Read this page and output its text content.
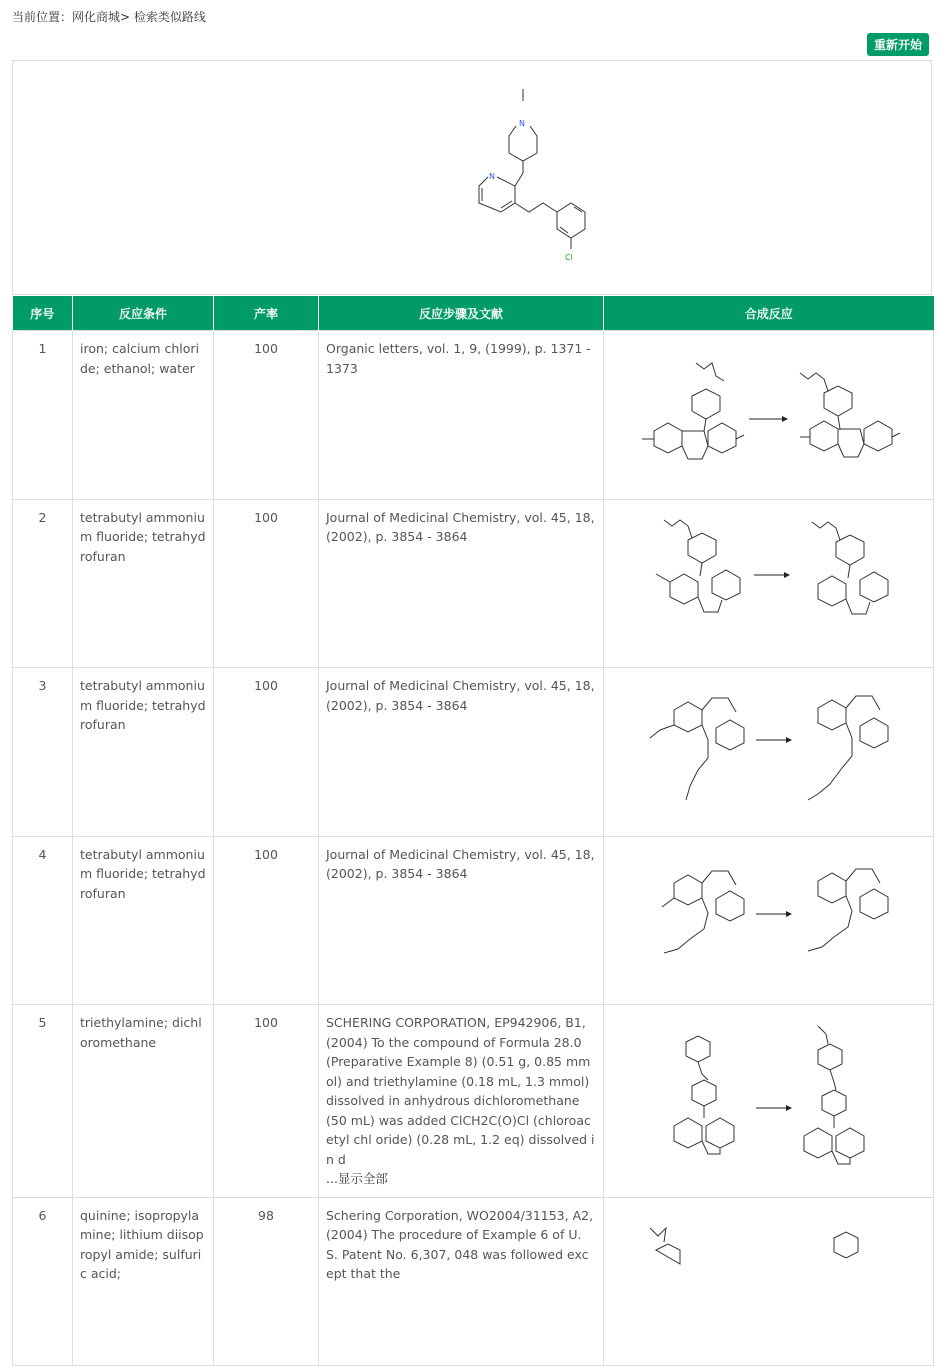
当前位置：网化商城> 检索类似路线
重新开始
N
N
Cl
序号	反应条件	产率	反应步骤及文献	合成反应
1	iron; calcium chloride; ethanol; water	100	Organic letters, vol. 1, 9, (1999), p. 1371 - 1373	
2	tetrabutyl ammonium fluoride; tetrahydrofuran	100	Journal of Medicinal Chemistry, vol. 45, 18, (2002), p. 3854 - 3864	
3	tetrabutyl ammonium fluoride; tetrahydrofuran	100	Journal of Medicinal Chemistry, vol. 45, 18, (2002), p. 3854 - 3864	
4	tetrabutyl ammonium fluoride; tetrahydrofuran	100	Journal of Medicinal Chemistry, vol. 45, 18, (2002), p. 3854 - 3864	
5	triethylamine; dichloromethane	100	SCHERING CORPORATION, EP942906, B1, (2004) To the compound of Formula 28.0 (Preparative Example 8) (0.51 g, 0.85 mmol) and triethylamine (0.18 mL, 1.3 mmol) dissolved in anhydrous dichloromethane (50 mL) was added ClCH2C(O)Cl (chloroacetyl chl oride) (0.28 mL, 1.2 eq) dissolved in d
...显示全部	
6	quinine; isopropylamine; lithium diisopropyl amide; sulfuric acid;	98	Schering Corporation, WO2004/31153, A2, (2004) The procedure of Example 6 of U. S. Patent No. 6,307, 048 was followed except that the	
